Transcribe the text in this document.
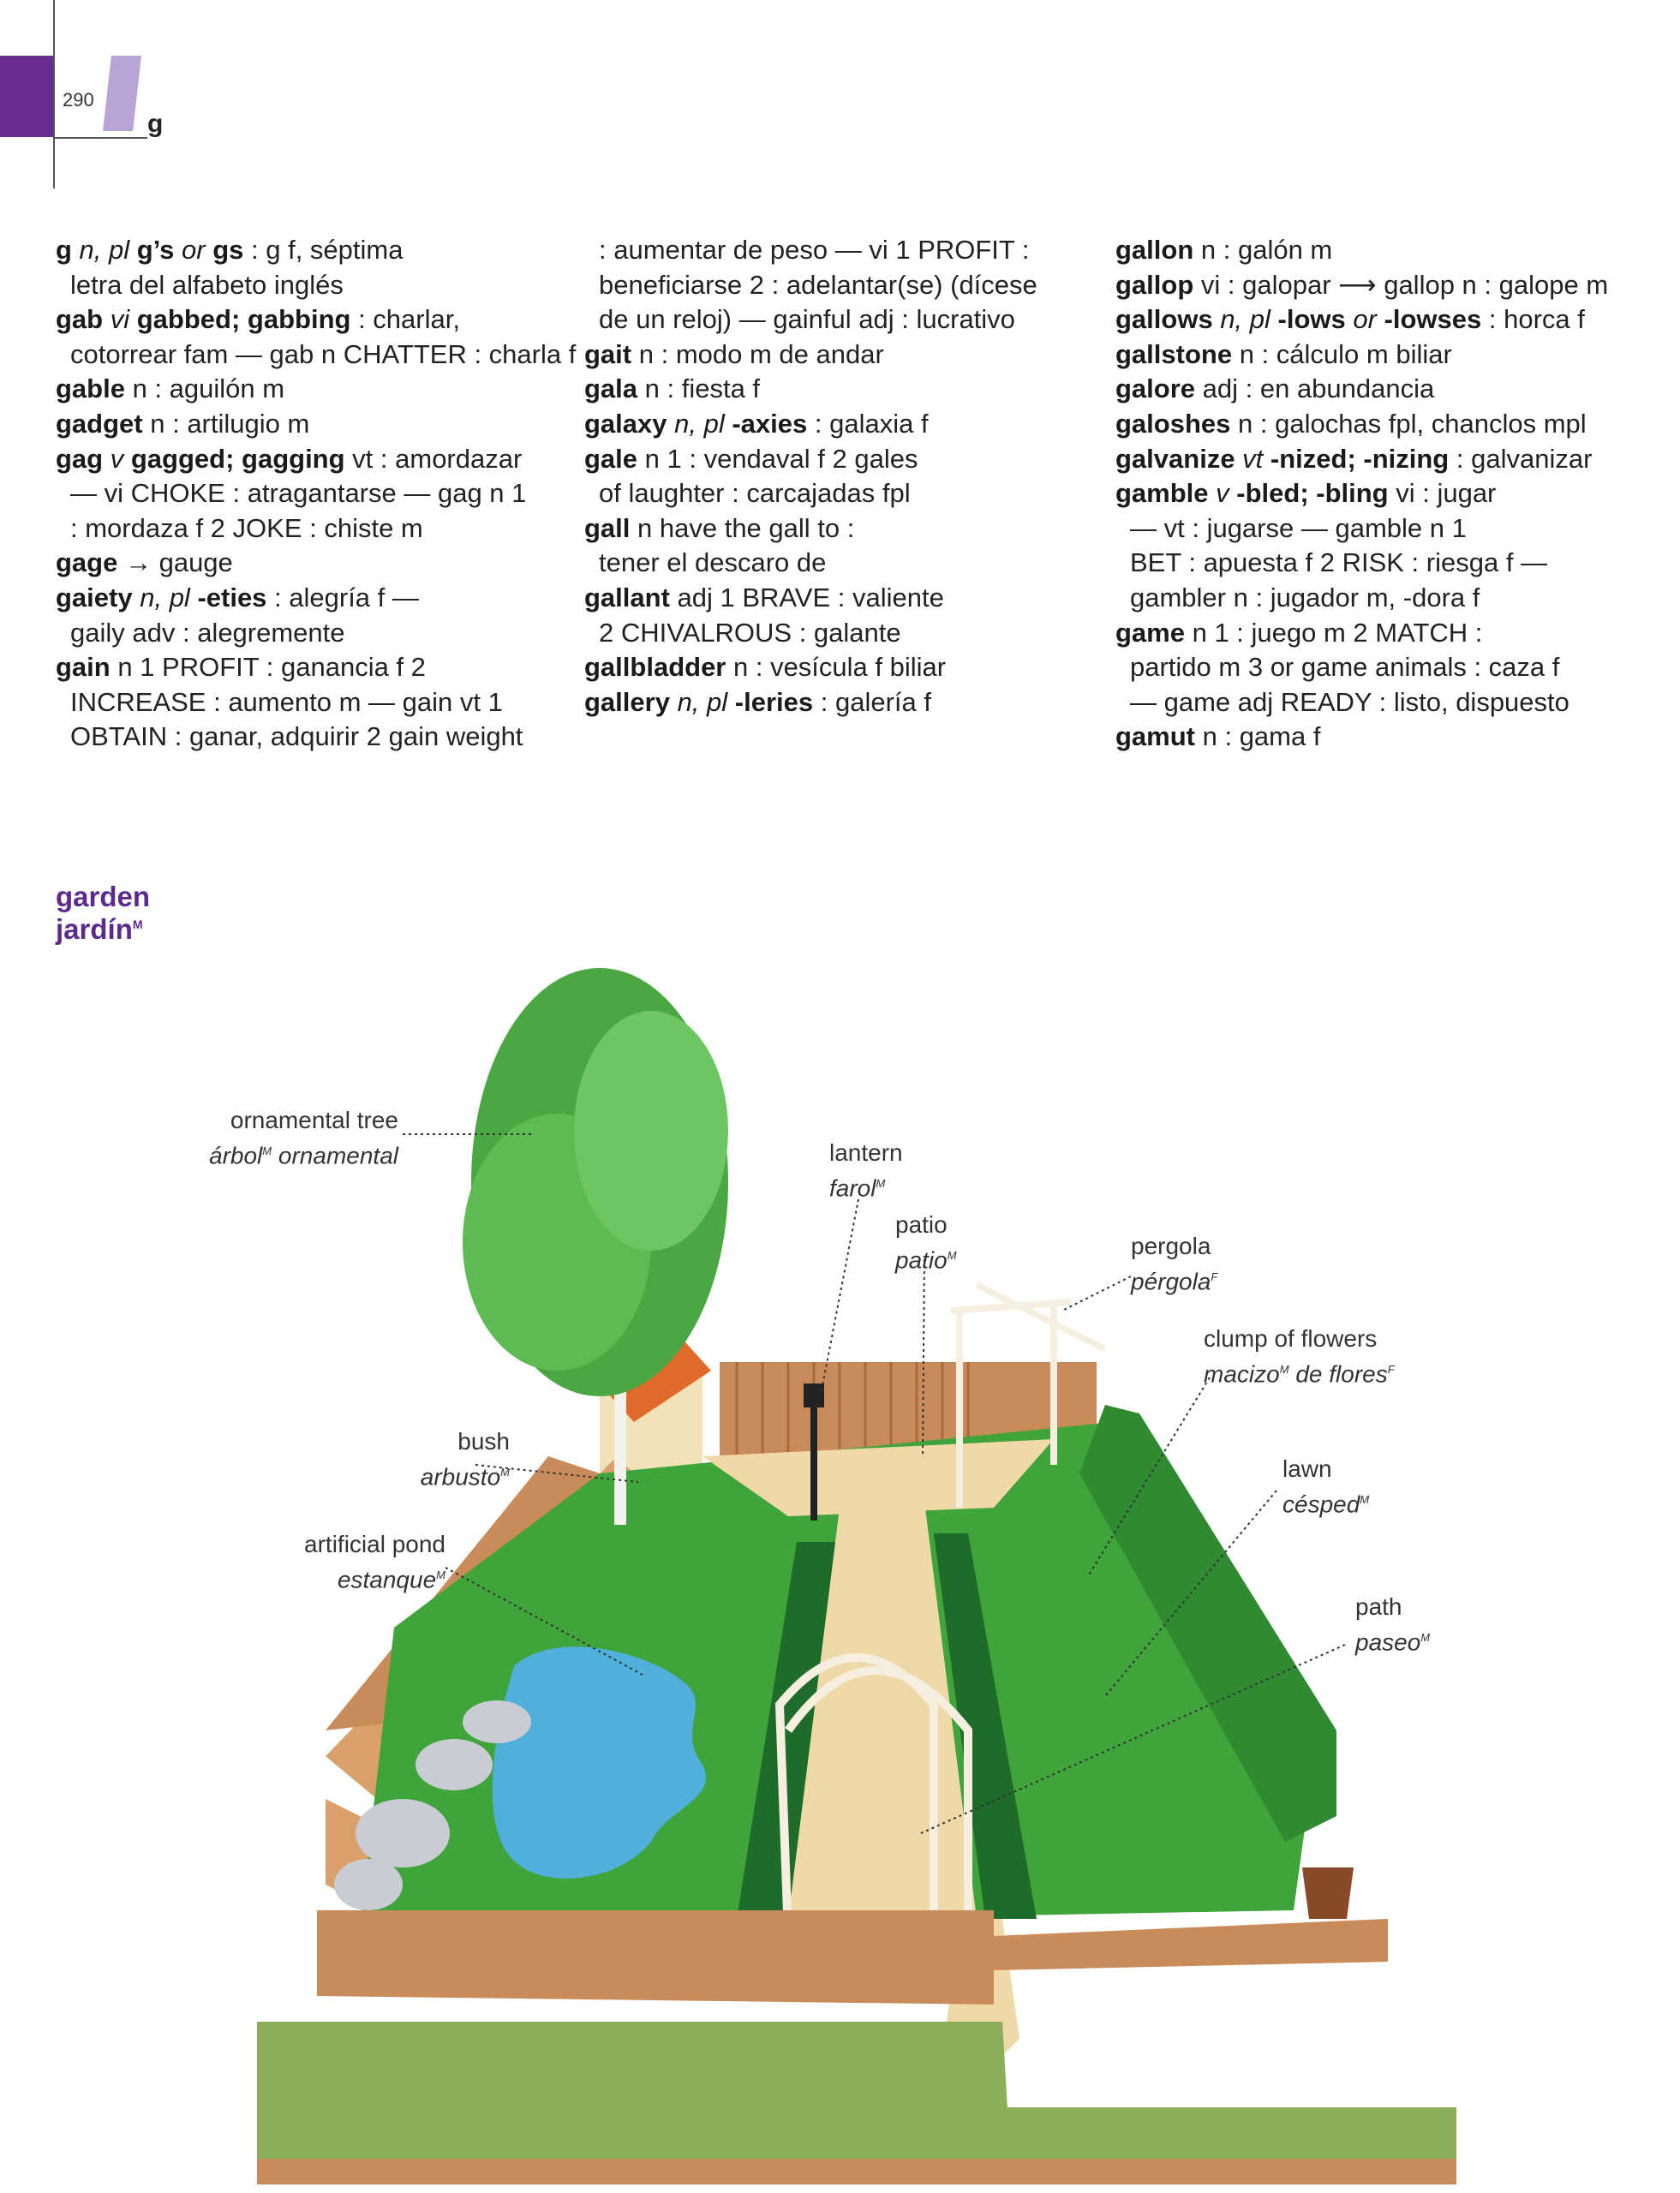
290
g
g n, pl g’s or gs : g f, séptima
letra del alfabeto inglés
gab vi gabbed; gabbing : charlar,
cotorrear fam — gab n CHATTER : charla f
gable n : aguilón m
gadget n : artilugio m
gag v gagged; gagging vt : amordazar
— vi CHOKE : atragantarse — gag n 1
: mordaza f 2 JOKE : chiste m
gage → gauge
gaiety n, pl -eties : alegría f —
gaily adv : alegremente
gain n 1 PROFIT : ganancia f 2
INCREASE : aumento m — gain vt 1
OBTAIN : ganar, adquirir 2 gain weight
: aumentar de peso — vi 1 PROFIT :
beneficiarse 2 : adelantar(se) (dícese
de un reloj) — gainful adj : lucrativo
gait n : modo m de andar
gala n : fiesta f
galaxy n, pl -axies : galaxia f
gale n 1 : vendaval f 2 gales
of laughter : carcajadas fpl
gall n have the gall to :
tener el descaro de
gallant adj 1 BRAVE : valiente
2 CHIVALROUS : galante
gallbladder n : vesícula f biliar
gallery n, pl -leries : galería f
gallon n : galón m
gallop vi : galopar ⟶ gallop n : galope m
gallows n, pl -lows or -lowses : horca f
gallstone n : cálculo m biliar
galore adj : en abundancia
galoshes n : galochas fpl, chanclos mpl
galvanize vt -nized; -nizing : galvanizar
gamble v -bled; -bling vi : jugar
— vt : jugarse — gamble n 1
BET : apuesta f 2 RISK : riesga f —
gambler n : jugador m, -dora f
game n 1 : juego m 2 MATCH :
partido m 3 or game animals : caza f
— game adj READY : listo, dispuesto
gamut n : gama f
garden
jardín$^M$
ornamental tree
árbol$^M$ ornamental	lantern
farol$^M$
patio
patio$^M$	pergola
pérgola$^F$
clump of flowers
macizo$^M$ de flores$^F$
bush
arbusto$^M$	lawn
césped$^M$
artificial pond
estanque$^M$
path
paseo$^M$
